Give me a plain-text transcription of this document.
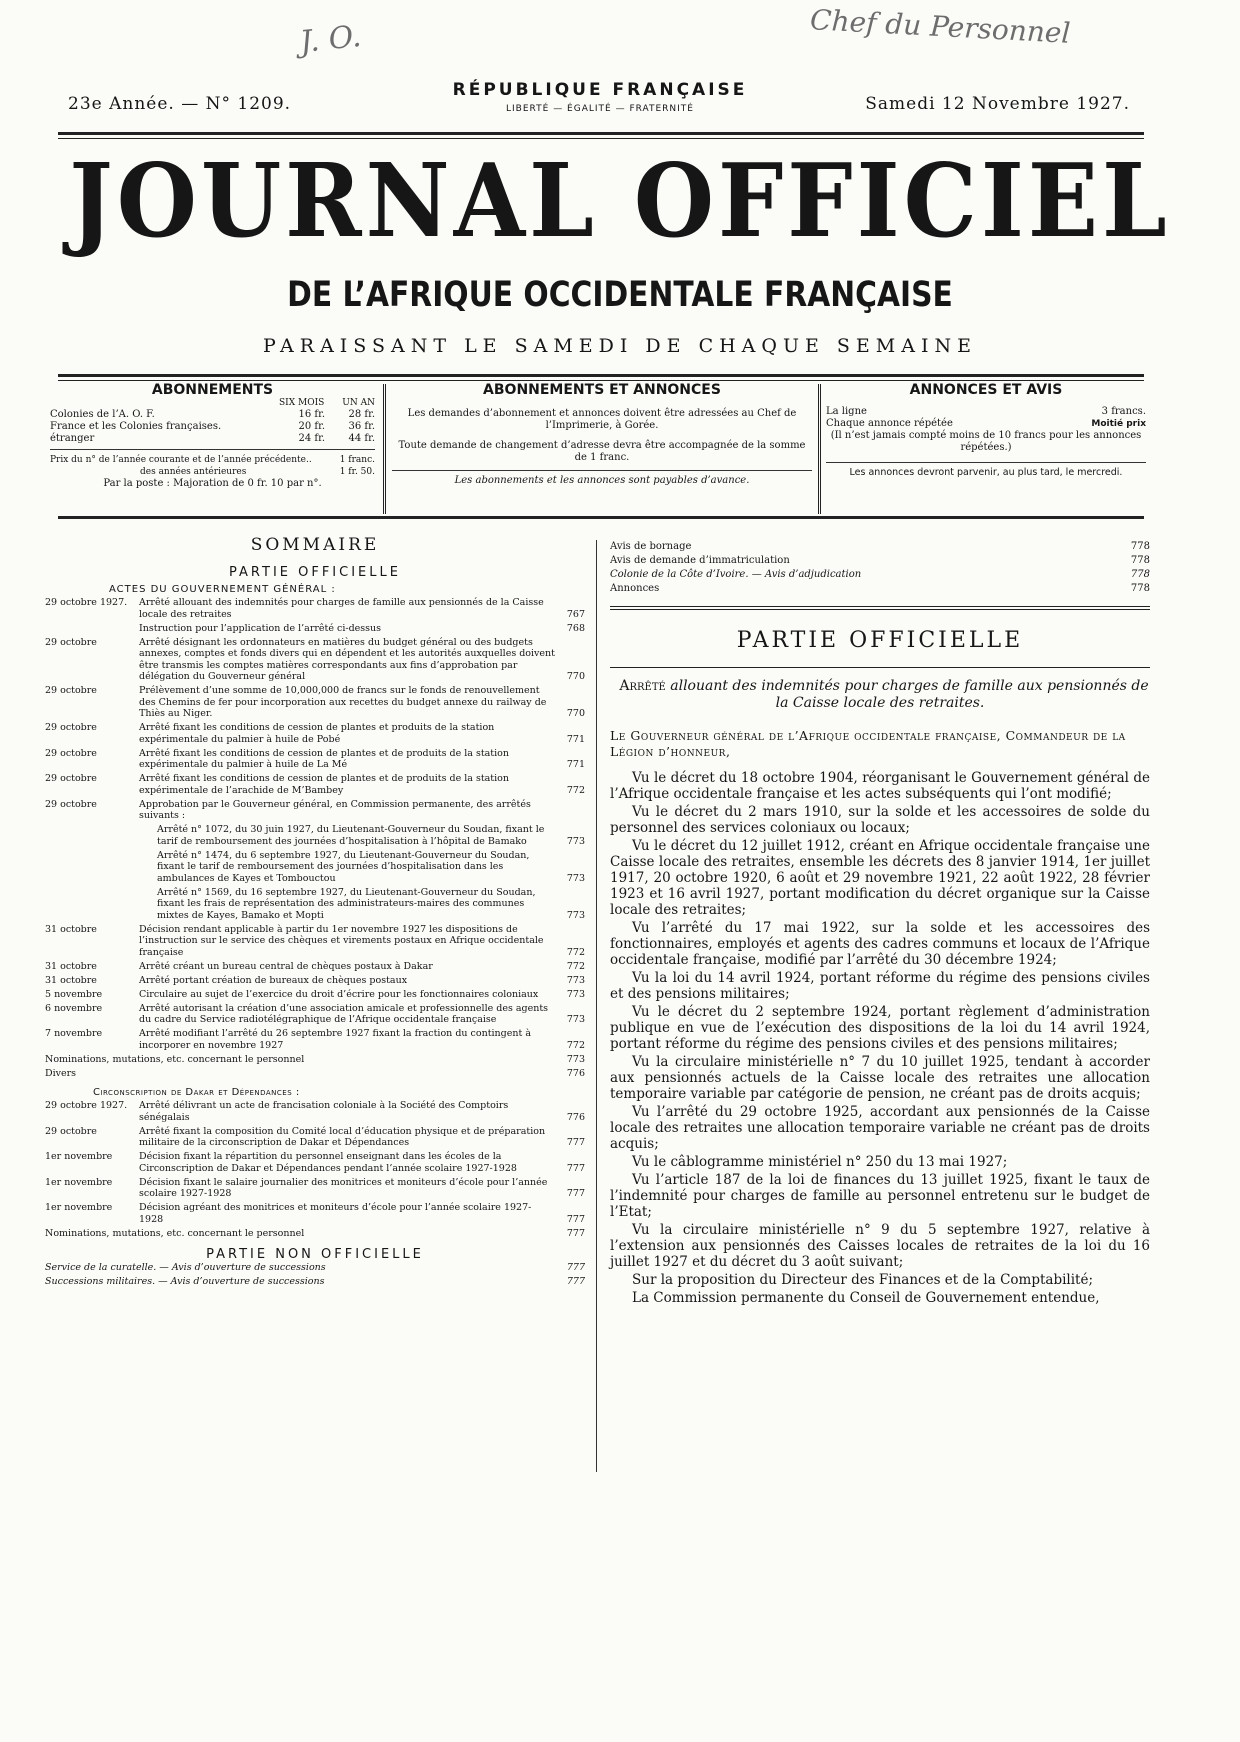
J. O.	Chef du Personnel
23e Année. — N° 1209.
RÉPUBLIQUE FRANÇAISE
LIBERTÉ — ÉGALITÉ — FRATERNITÉ	Samedi 12 Novembre 1927.
JOURNAL OFFICIEL
DE L’AFRIQUE OCCIDENTALE FRANÇAISE
PARAISSANT LE SAMEDI DE CHAQUE SEMAINE
ABONNEMENTS
SIX MOIS UN AN
Colonies de l’A. O. F.	16 fr.	28 fr.
France et les Colonies françaises.	20 fr.	36 fr.
étranger	24 fr.	44 fr.
Prix du n° de l’année courante et de l’année précédente..	1 franc.
des années antérieures	1 fr. 50.
Par la poste : Majoration de 0 fr. 10 par n°.
ABONNEMENTS ET ANNONCES
Les demandes d’abonnement et annonces doivent être adressées au Chef de l’Imprimerie, à Gorée.
Toute demande de changement d’adresse devra être accompagnée de la somme de 1 franc.
Les abonnements et les annonces sont payables d’avance.
ANNONCES ET AVIS
La ligne	3 francs.
Chaque annonce répétée	Moitié prix
(Il n’est jamais compté moins de 10 francs pour les annonces répétées.)
Les annonces devront parvenir, au plus tard, le mercredi.
SOMMAIRE
PARTIE OFFICIELLE
ACTES DU GOUVERNEMENT GÉNÉRAL :
29 octobre 1927.	Arrêté allouant des indemnités pour charges de famille aux pensionnés de la Caisse locale des retraites	767
Instruction pour l’application de l’arrêté ci-dessus	768
29 octobre	Arrêté désignant les ordonnateurs en matières du budget général ou des budgets annexes, comptes et fonds divers qui en dépendent et les autorités auxquelles doivent être transmis les comptes matières correspondants aux fins d’approbation par délégation du Gouverneur général	770
29 octobre	Prélèvement d’une somme de 10,000,000 de francs sur le fonds de renouvellement des Chemins de fer pour incorporation aux recettes du budget annexe du railway de Thiès au Niger.	770
29 octobre	Arrêté fixant les conditions de cession de plantes et produits de la station expérimentale du palmier à huile de Pobé	771
29 octobre	Arrêté fixant les conditions de cession de plantes et de produits de la station expérimentale du palmier à huile de La Mé	771
29 octobre	Arrêté fixant les conditions de cession de plantes et de produits de la station expérimentale de l’arachide de M’Bambey	772
29 octobre	Approbation par le Gouverneur général, en Commission permanente, des arrêtés suivants :
Arrêté n° 1072, du 30 juin 1927, du Lieutenant-Gouverneur du Soudan, fixant le tarif de remboursement des journées d’hospitalisation à l’hôpital de Bamako	773
Arrêté n° 1474, du 6 septembre 1927, du Lieutenant-Gouverneur du Soudan, fixant le tarif de remboursement des journées d’hospitalisation dans les ambulances de Kayes et Tombouctou	773
Arrêté n° 1569, du 16 septembre 1927, du Lieutenant-Gouverneur du Soudan, fixant les frais de représentation des administrateurs-maires des communes mixtes de Kayes, Bamako et Mopti	773
31 octobre	Décision rendant applicable à partir du 1er novembre 1927 les dispositions de l’instruction sur le service des chèques et virements postaux en Afrique occidentale française	772
31 octobre	Arrêté créant un bureau central de chèques postaux à Dakar	772
31 octobre	Arrêté portant création de bureaux de chèques postaux	773
5 novembre	Circulaire au sujet de l’exercice du droit d’écrire pour les fonctionnaires coloniaux	773
6 novembre	Arrêté autorisant la création d’une association amicale et professionnelle des agents du cadre du Service radiotélégraphique de l’Afrique occidentale française	773
7 novembre	Arrêté modifiant l’arrêté du 26 septembre 1927 fixant la fraction du contingent à incorporer en novembre 1927	772
Nominations, mutations, etc. concernant le personnel	773
Divers	776
Circonscription de Dakar et Dépendances :
29 octobre 1927.	Arrêté délivrant un acte de francisation coloniale à la Société des Comptoirs sénégalais	776
29 octobre	Arrêté fixant la composition du Comité local d’éducation physique et de préparation militaire de la circonscription de Dakar et Dépendances	777
1er novembre	Décision fixant la répartition du personnel enseignant dans les écoles de la Circonscription de Dakar et Dépendances pendant l’année scolaire 1927-1928	777
1er novembre	Décision fixant le salaire journalier des monitrices et moniteurs d’école pour l’année scolaire 1927-1928	777
1er novembre	Décision agréant des monitrices et moniteurs d’école pour l’année scolaire 1927-1928	777
Nominations, mutations, etc. concernant le personnel	777
PARTIE NON OFFICIELLE
Service de la curatelle. — Avis d’ouverture de successions	777
Successions militaires. — Avis d’ouverture de successions	777
Avis de bornage	778
Avis de demande d’immatriculation	778
Colonie de la Côte d’Ivoire. — Avis d’adjudication	778
Annonces	778
PARTIE OFFICIELLE
Arrêté allouant des indemnités pour charges de famille aux pensionnés de la Caisse locale des retraites.
Le Gouverneur général de l’Afrique occidentale française, Commandeur de la Légion d’honneur,

Vu le décret du 18 octobre 1904, réorganisant le Gouvernement général de l’Afrique occidentale française et les actes subséquents qui l’ont modifié;

Vu le décret du 2 mars 1910, sur la solde et les accessoires de solde du personnel des services coloniaux ou locaux;

Vu le décret du 12 juillet 1912, créant en Afrique occidentale française une Caisse locale des retraites, ensemble les décrets des 8 janvier 1914, 1er juillet 1917, 20 octobre 1920, 6 août et 29 novembre 1921, 22 août 1922, 28 février 1923 et 16 avril 1927, portant modification du décret organique sur la Caisse locale des retraites;

Vu l’arrêté du 17 mai 1922, sur la solde et les accessoires des fonctionnaires, employés et agents des cadres communs et locaux de l’Afrique occidentale française, modifié par l’arrêté du 30 décembre 1924;

Vu la loi du 14 avril 1924, portant réforme du régime des pensions civiles et des pensions militaires;

Vu le décret du 2 septembre 1924, portant règlement d’administration publique en vue de l’exécution des dispositions de la loi du 14 avril 1924, portant réforme du régime des pensions civiles et des pensions militaires;

Vu la circulaire ministérielle n° 7 du 10 juillet 1925, tendant à accorder aux pensionnés actuels de la Caisse locale des retraites une allocation temporaire variable par catégorie de pension, ne créant pas de droits acquis;

Vu l’arrêté du 29 octobre 1925, accordant aux pensionnés de la Caisse locale des retraites une allocation temporaire variable ne créant pas de droits acquis;

Vu le câblogramme ministériel n° 250 du 13 mai 1927;

Vu l’article 187 de la loi de finances du 13 juillet 1925, fixant le taux de l’indemnité pour charges de famille au personnel entretenu sur le budget de l’Etat;

Vu la circulaire ministérielle n° 9 du 5 septembre 1927, relative à l’extension aux pensionnés des Caisses locales de retraites de la loi du 16 juillet 1927 et du décret du 3 août suivant;

Sur la proposition du Directeur des Finances et de la Comptabilité;

La Commission permanente du Conseil de Gouvernement entendue,
